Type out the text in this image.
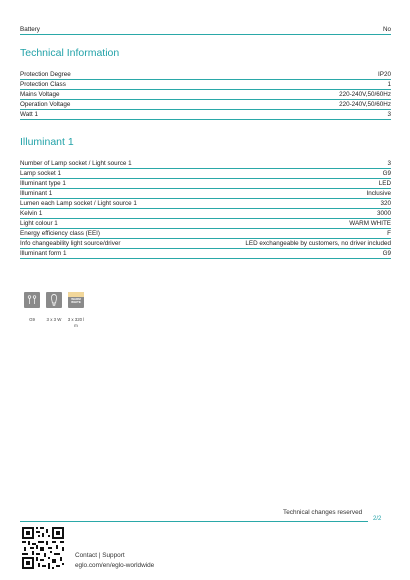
Battery	No
Technical Information
Protection Degree	IP20
Protection Class	1
Mains Voltage	220-240V,50/60Hz
Operation Voltage	220-240V,50/60Hz
Watt 1	3
Illuminant 1
Number of Lamp socket / Light source 1	3
Lamp socket 1	G9
Illuminant type 1	LED
Illuminant 1	Inclusive
Lumen each Lamp socket / Light source 1	320
Kelvin 1	3000
Light colour 1	WARM WHITE
Energy efficiency class (EEI)	F
Info changeability light source/driver	LED exchangeable by customers, no driver included
Illuminant form 1	G9
G9	3 x 3 W
WARM
WHITE
3 x 320 l
m
Technical changes reserved
2/2
Contact | Support
eglo.com/en/eglo-worldwide
